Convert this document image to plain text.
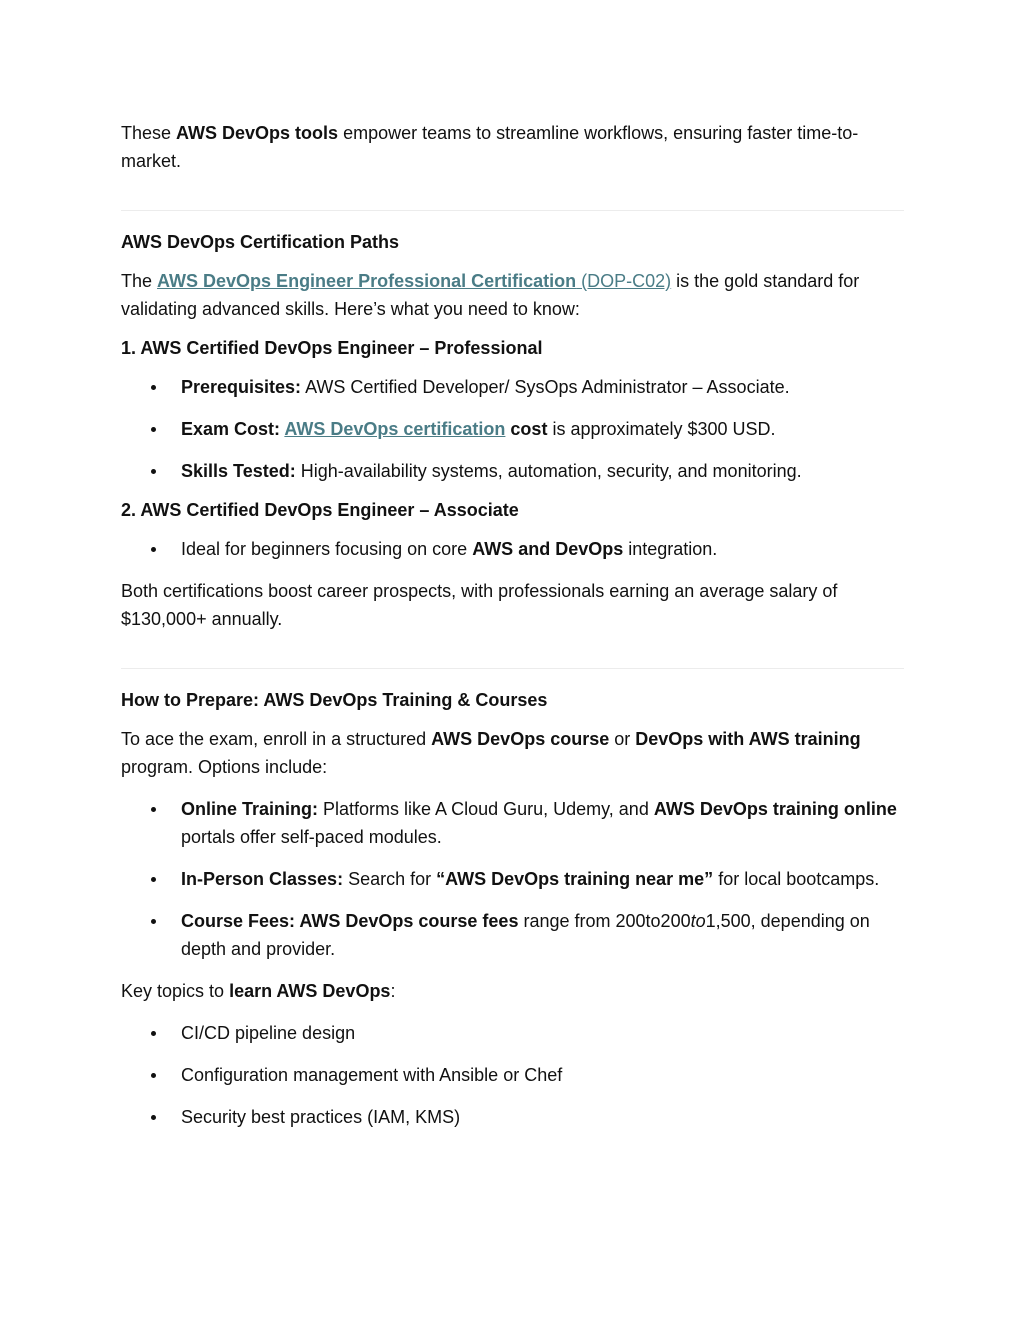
These AWS DevOps tools empower teams to streamline workflows, ensuring faster time-to-market.

AWS DevOps Certification Paths

The AWS DevOps Engineer Professional Certification (DOP-C02) is the gold standard for validating advanced skills. Here’s what you need to know:

1. AWS Certified DevOps Engineer – Professional
Prerequisites: AWS Certified Developer/ SysOps Administrator – Associate.
Exam Cost: AWS DevOps certification cost is approximately $300 USD.
Skills Tested: High-availability systems, automation, security, and monitoring.
2. AWS Certified DevOps Engineer – Associate
Ideal for beginners focusing on core AWS and DevOps integration.

Both certifications boost career prospects, with professionals earning an average salary of $130,000+ annually.

How to Prepare: AWS DevOps Training & Courses

To ace the exam, enroll in a structured AWS DevOps course or DevOps with AWS training program. Options include:

Online Training: Platforms like A Cloud Guru, Udemy, and AWS DevOps training online portals offer self-paced modules.
In-Person Classes: Search for “AWS DevOps training near me” for local bootcamps.
Course Fees: AWS DevOps course fees range from 200to200to1,500, depending on depth and provider.

Key topics to learn AWS DevOps:

CI/CD pipeline design
Configuration management with Ansible or Chef
Security best practices (IAM, KMS)
